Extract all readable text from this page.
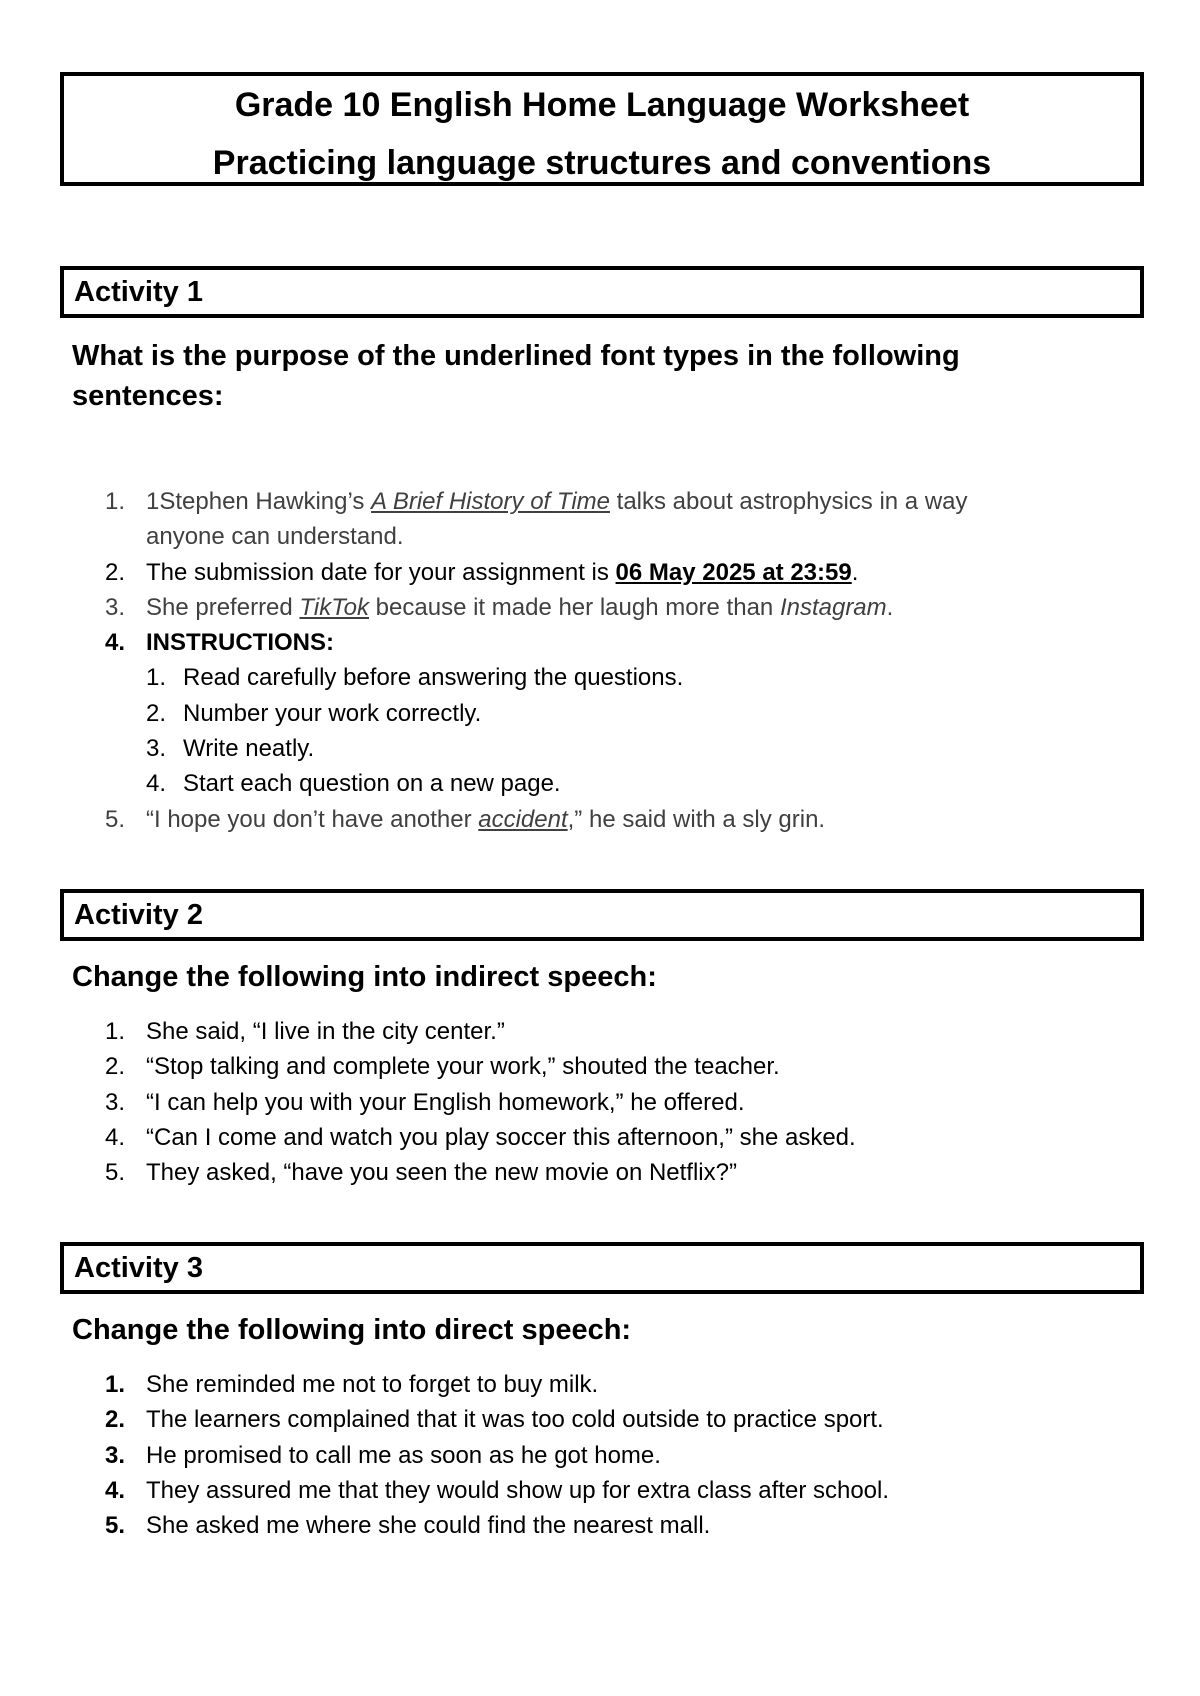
Grade 10 English Home Language Worksheet
Practicing language structures and conventions
Activity 1
What is the purpose of the underlined font types in the following
sentences:
1. 1Stephen Hawking’s A Brief History of Time talks about astrophysics in a way
anyone can understand.
2. The submission date for your assignment is 06 May 2025 at 23:59.
3. She preferred TikTok because it made her laugh more than Instagram.
4. INSTRUCTIONS:
1. Read carefully before answering the questions.
2. Number your work correctly.
3. Write neatly.
4. Start each question on a new page.
5. “I hope you don’t have another accident,” he said with a sly grin.
Activity 2
Change the following into indirect speech:
1. She said, “I live in the city center.”
2. “Stop talking and complete your work,” shouted the teacher.
3. “I can help you with your English homework,” he offered.
4. “Can I come and watch you play soccer this afternoon,” she asked.
5. They asked, “have you seen the new movie on Netflix?”
Activity 3
Change the following into direct speech:
1. She reminded me not to forget to buy milk.
2. The learners complained that it was too cold outside to practice sport.
3. He promised to call me as soon as he got home.
4. They assured me that they would show up for extra class after school.
5. She asked me where she could find the nearest mall.
